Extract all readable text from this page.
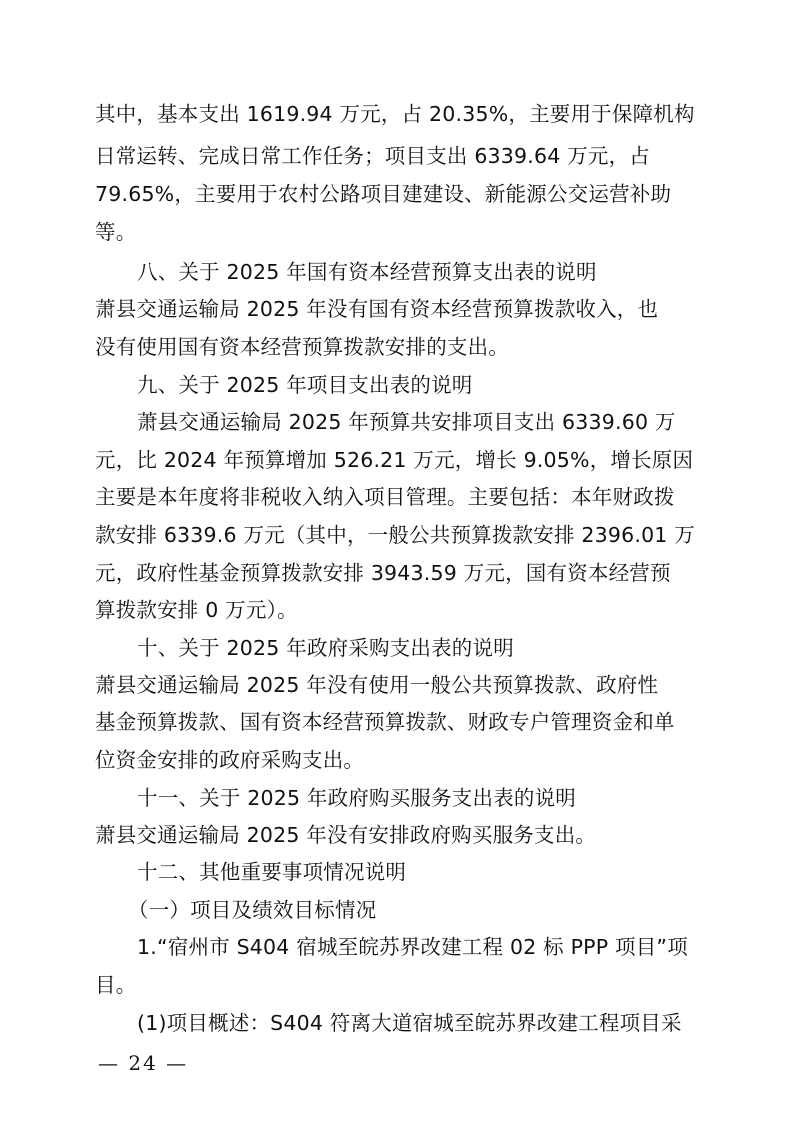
其中，基本支出 1619.94 万元，占 20.35%，主要用于保障机构
日常运转、完成日常工作任务；项目支出 6339.64 万元，占
79.65%，主要用于农村公路项目建建设、新能源公交运营补助
等。
八、关于 2025 年国有资本经营预算支出表的说明
萧县交通运输局 2025 年没有国有资本经营预算拨款收入，也
没有使用国有资本经营预算拨款安排的支出。
九、关于 2025 年项目支出表的说明
萧县交通运输局 2025 年预算共安排项目支出 6339.60 万
元，比 2024 年预算增加 526.21 万元，增长 9.05%，增长原因
主要是本年度将非税收入纳入项目管理。主要包括：本年财政拨
款安排 6339.6 万元（其中，一般公共预算拨款安排 2396.01 万
元，政府性基金预算拨款安排 3943.59 万元，国有资本经营预
算拨款安排 0 万元）。
十、关于 2025 年政府采购支出表的说明
萧县交通运输局 2025 年没有使用一般公共预算拨款、政府性
基金预算拨款、国有资本经营预算拨款、财政专户管理资金和单
位资金安排的政府采购支出。
十一、关于 2025 年政府购买服务支出表的说明
萧县交通运输局 2025 年没有安排政府购买服务支出。
十二、其他重要事项情况说明
（一）项目及绩效目标情况
1.“宿州市 S404 宿城至皖苏界改建工程 02 标 PPP 项目”项
目。
(1)项目概述：S404 符离大道宿城至皖苏界改建工程项目采
— 24 —
